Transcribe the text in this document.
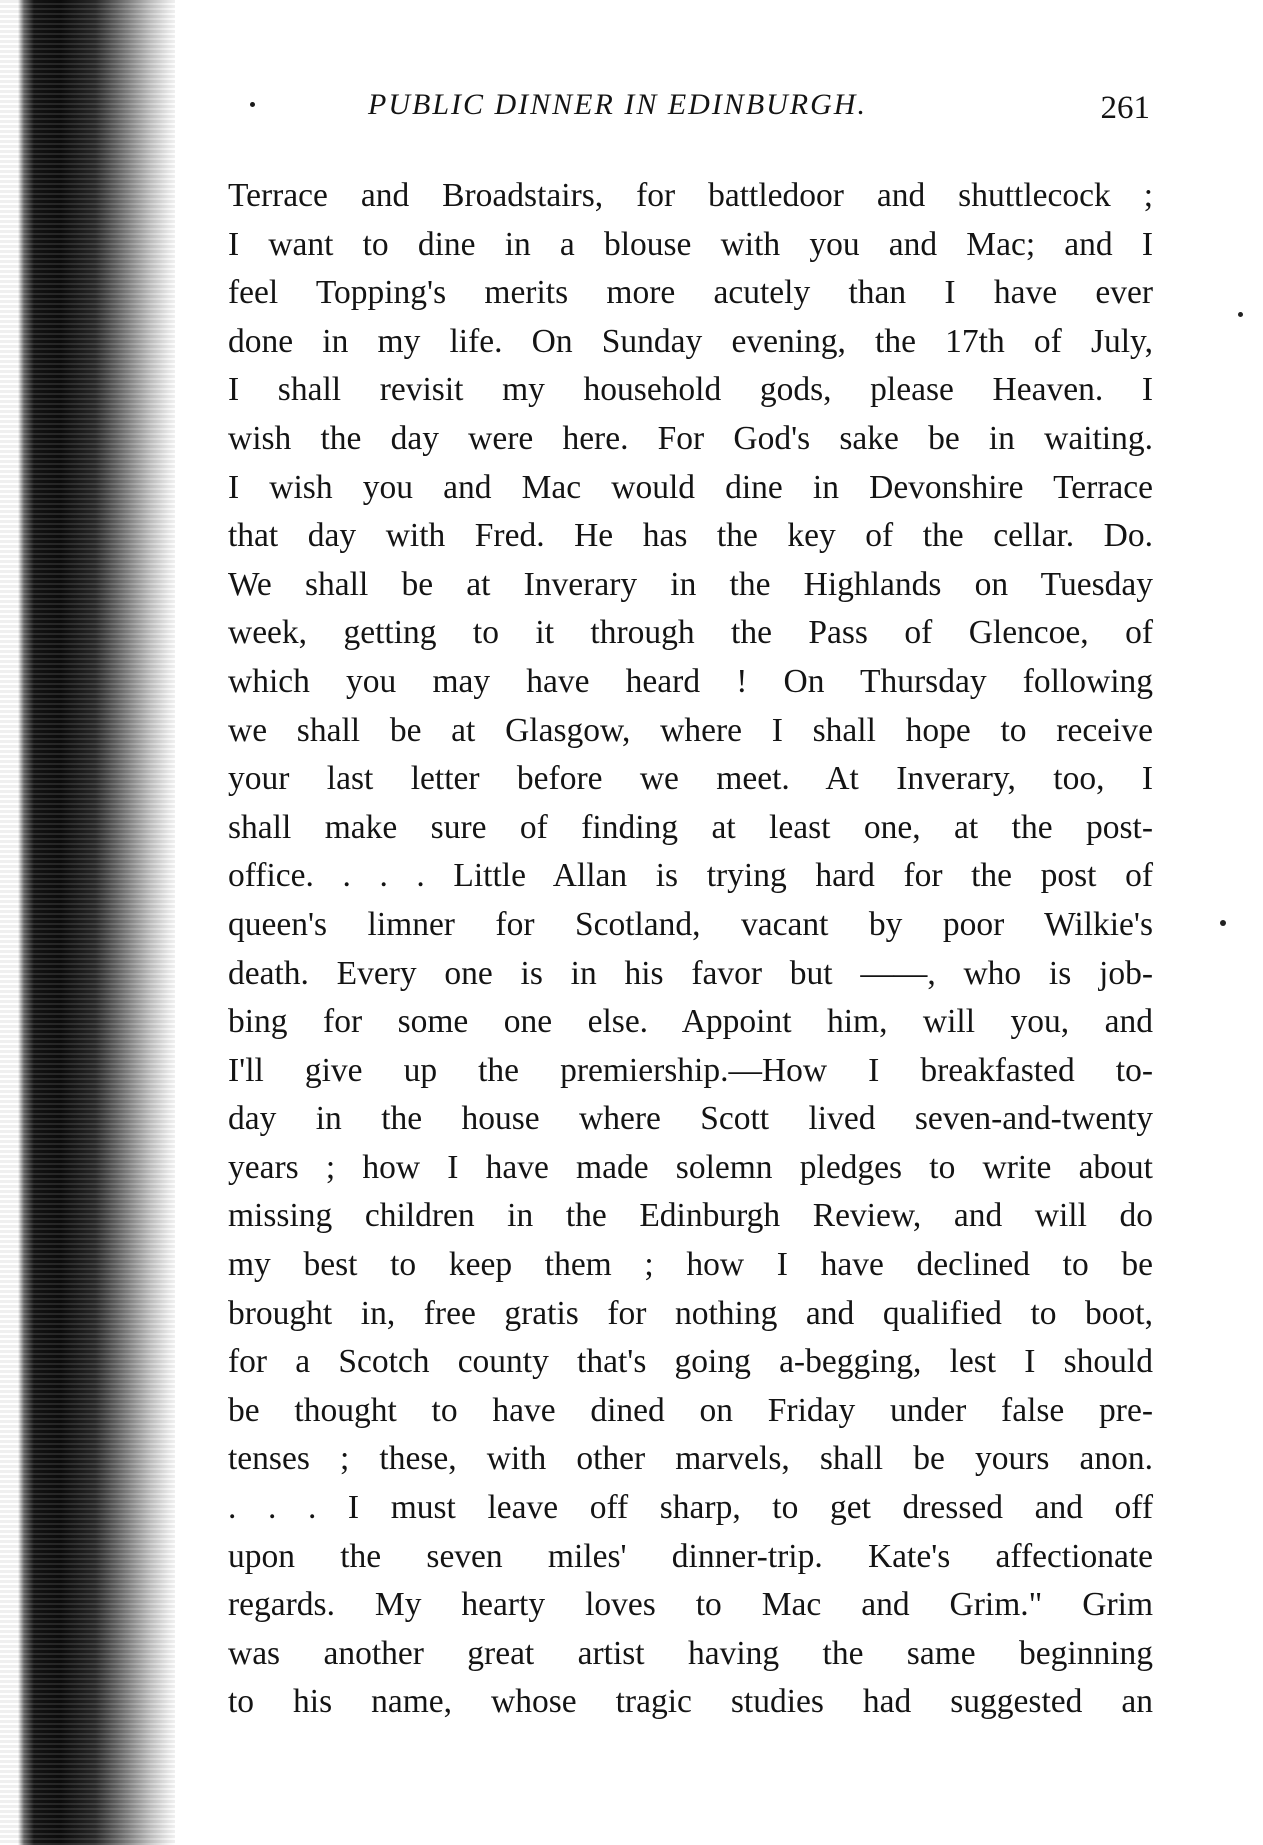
PUBLIC DINNER IN EDINBURGH.	261
Terrace and Broadstairs, for battledoor and shuttlecock ;
I want to dine in a blouse with you and Mac; and I
feel Topping's merits more acutely than I have ever
done in my life. On Sunday evening, the 17th of July,
I shall revisit my household gods, please Heaven. I
wish the day were here. For God's sake be in waiting.
I wish you and Mac would dine in Devonshire Terrace
that day with Fred. He has the key of the cellar. Do.
We shall be at Inverary in the Highlands on Tuesday
week, getting to it through the Pass of Glencoe, of
which you may have heard ! On Thursday following
we shall be at Glasgow, where I shall hope to receive
your last letter before we meet. At Inverary, too, I
shall make sure of finding at least one, at the post-
office. . . . Little Allan is trying hard for the post of
queen's limner for Scotland, vacant by poor Wilkie's
death. Every one is in his favor but ——, who is job-
bing for some one else. Appoint him, will you, and
I'll give up the premiership.—How I breakfasted to-
day in the house where Scott lived seven-and-twenty
years ; how I have made solemn pledges to write about
missing children in the Edinburgh Review, and will do
my best to keep them ; how I have declined to be
brought in, free gratis for nothing and qualified to boot,
for a Scotch county that's going a-begging, lest I should
be thought to have dined on Friday under false pre-
tenses ; these, with other marvels, shall be yours anon.
. . . I must leave off sharp, to get dressed and off
upon the seven miles' dinner-trip. Kate's affectionate
regards. My hearty loves to Mac and Grim." Grim
was another great artist having the same beginning
to his name, whose tragic studies had suggested an
